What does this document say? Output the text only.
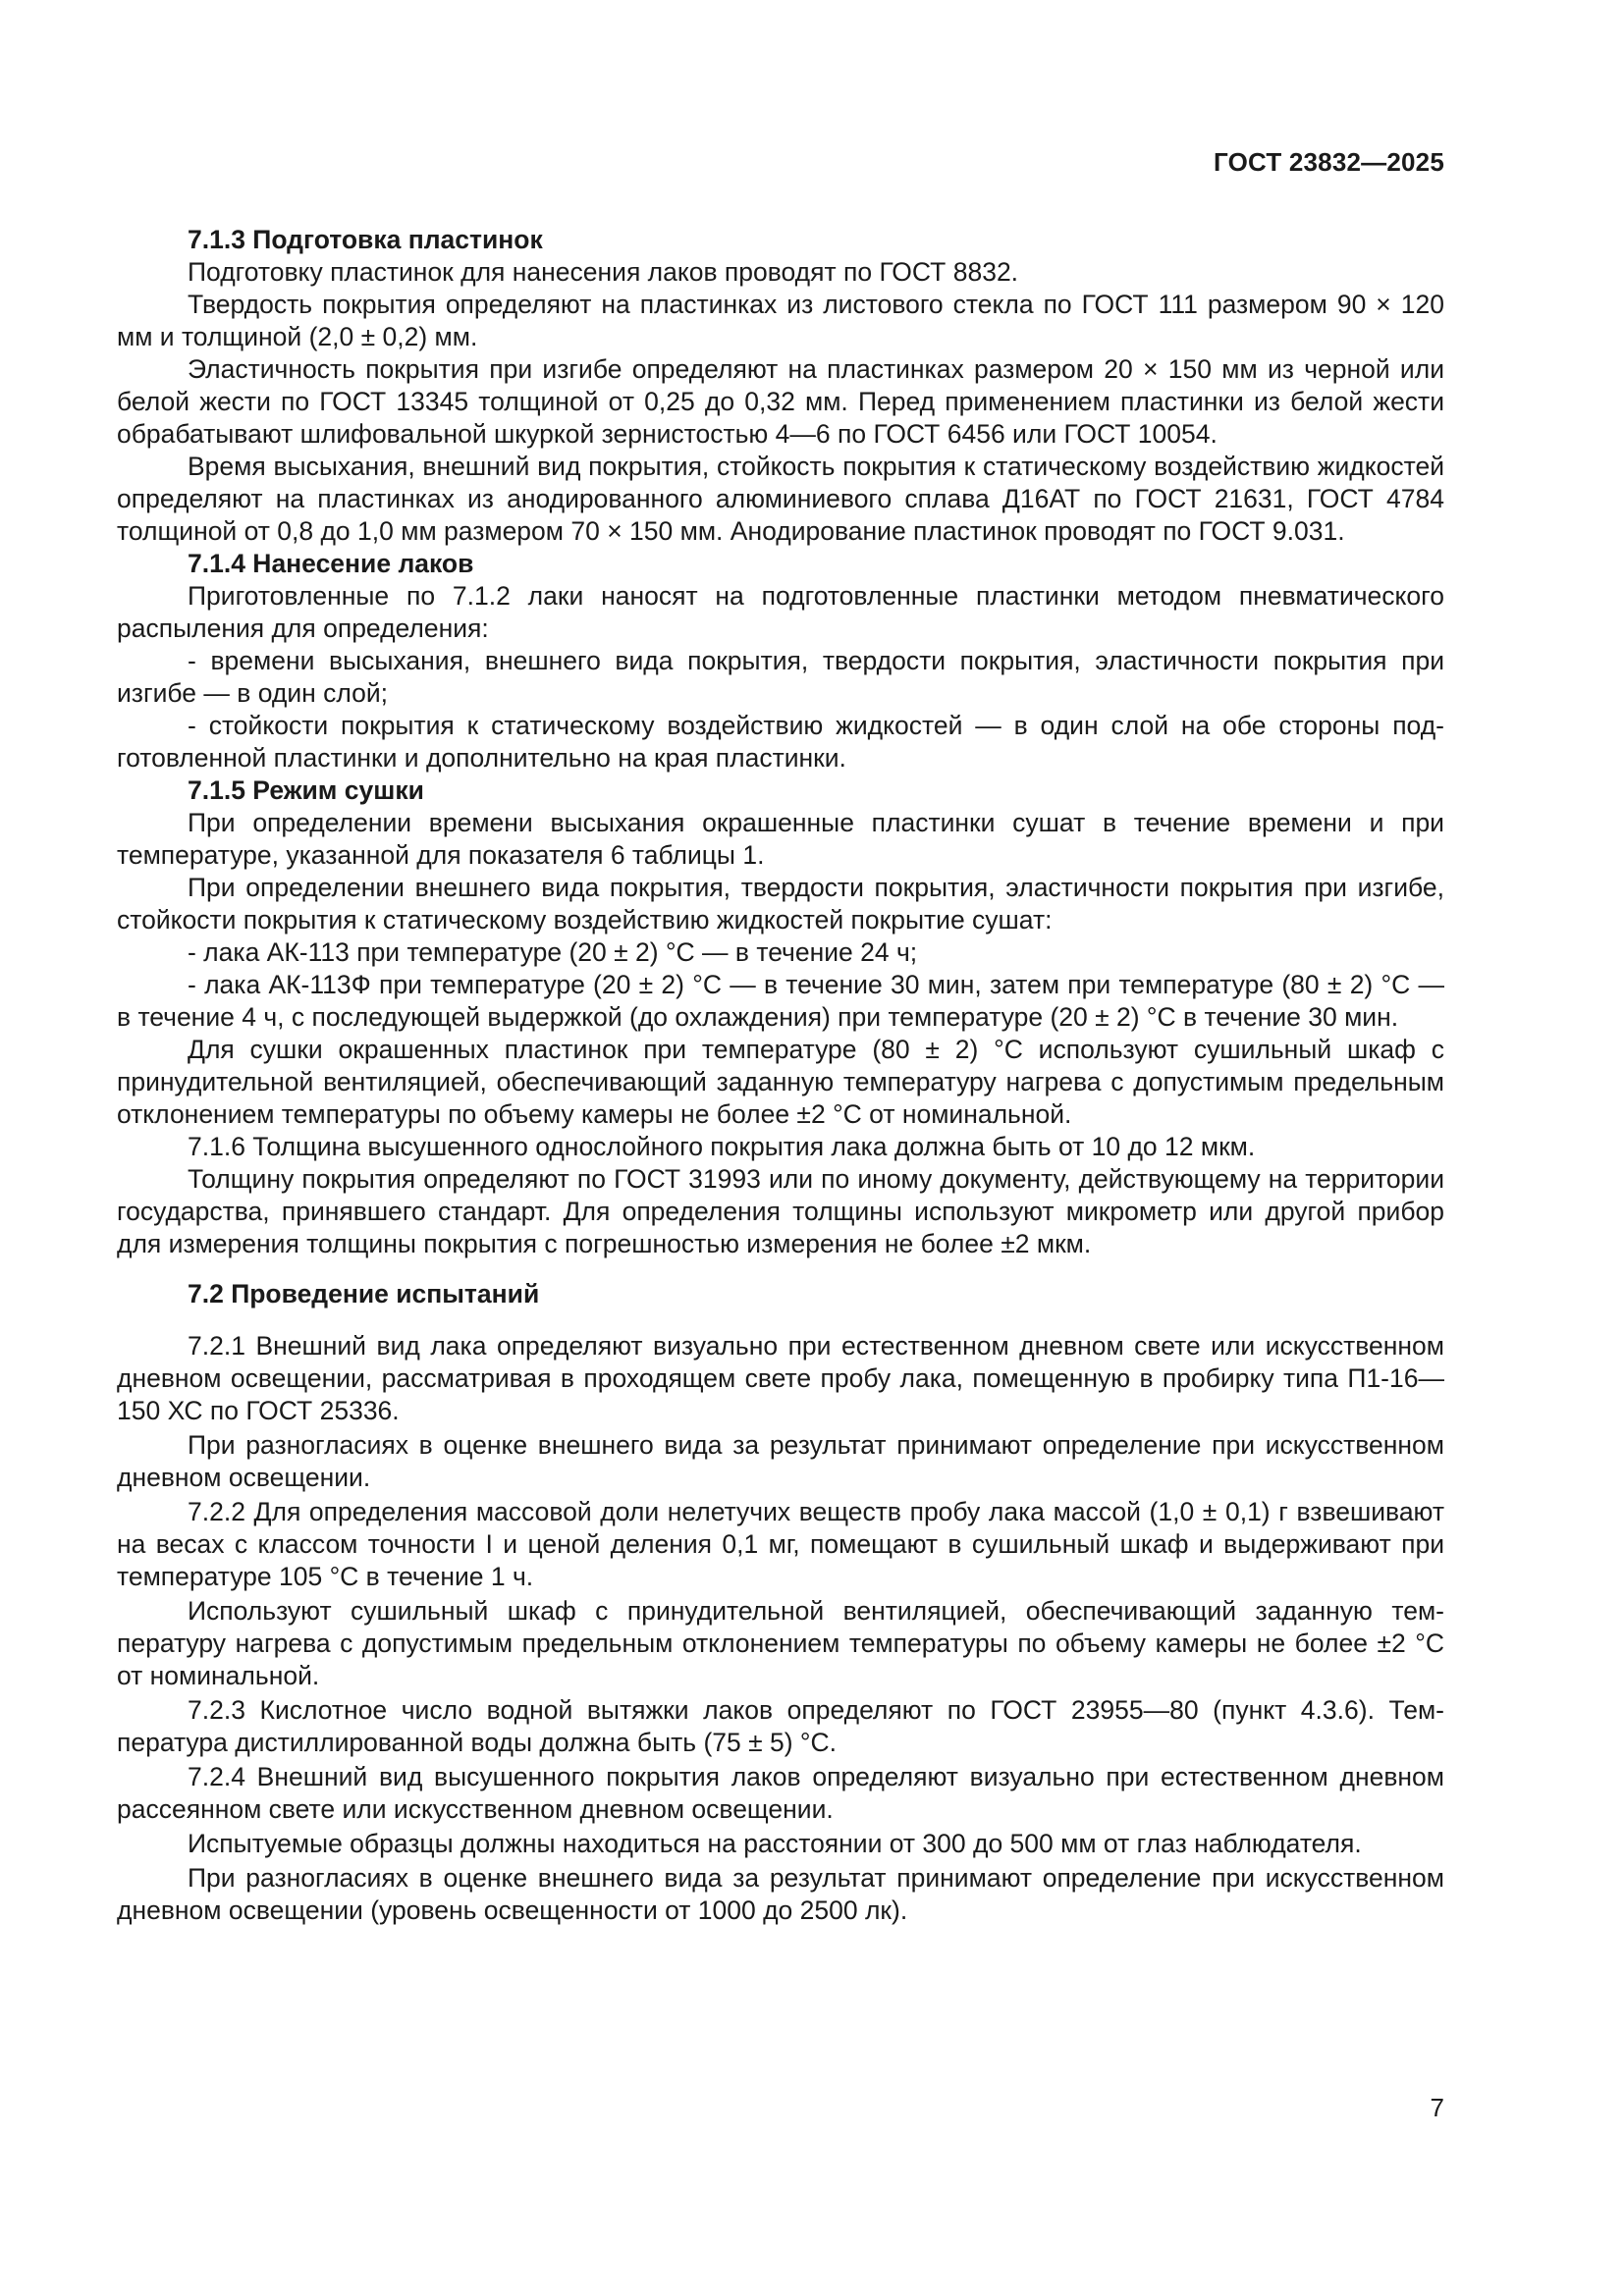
ГОСТ 23832—2025

7.1.3 Подготовка пластинок

Подготовку пластинок для нанесения лаков проводят по ГОСТ 8832.

Твердость покрытия определяют на пластинках из листового стекла по ГОСТ 111 размером 90 × 120 мм и толщиной (2,0 ± 0,2) мм.

Эластичность покрытия при изгибе определяют на пластинках размером 20 × 150 мм из черной или белой жести по ГОСТ 13345 толщиной от 0,25 до 0,32 мм. Перед применением пластинки из белой жести обрабатывают шлифовальной шкуркой зернистостью 4—6 по ГОСТ 6456 или ГОСТ 10054.

Время высыхания, внешний вид покрытия, стойкость покрытия к статическому воздействию жидкостей определяют на пластинках из анодированного алюминиевого сплава Д16АТ по ГОСТ 21631, ГОСТ 4784 толщиной от 0,8 до 1,0 мм размером 70 × 150 мм. Анодирование пластинок проводят по ГОСТ 9.031.

7.1.4 Нанесение лаков

Приготовленные по 7.1.2 лаки наносят на подготовленные пластинки методом пневматического распыления для определения:

- времени высыхания, внешнего вида покрытия, твердости покрытия, эластичности покрытия при изгибе — в один слой;

- стойкости покрытия к статическому воздействию жидкостей — в один слой на обе стороны подготовленной пластинки и дополнительно на края пластинки.

7.1.5 Режим сушки

При определении времени высыхания окрашенные пластинки сушат в течение времени и при температуре, указанной для показателя 6 таблицы 1.

При определении внешнего вида покрытия, твердости покрытия, эластичности покрытия при изгибе, стойкости покрытия к статическому воздействию жидкостей покрытие сушат:

- лака АК-113 при температуре (20 ± 2) °С — в течение 24 ч;

- лака АК-113Ф при температуре (20 ± 2) °С — в течение 30 мин, затем при температуре (80 ± 2) °С — в течение 4 ч, с последующей выдержкой (до охлаждения) при температуре (20 ± 2) °С в течение 30 мин.

Для сушки окрашенных пластинок при температуре (80 ± 2) °С используют сушильный шкаф с принудительной вентиляцией, обеспечивающий заданную температуру нагрева с допустимым предельным отклонением температуры по объему камеры не более ±2 °С от номинальной.

7.1.6 Толщина высушенного однослойного покрытия лака должна быть от 10 до 12 мкм.

Толщину покрытия определяют по ГОСТ 31993 или по иному документу, действующему на территории государства, принявшего стандарт. Для определения толщины используют микрометр или другой прибор для измерения толщины покрытия с погрешностью измерения не более ±2 мкм.

7.2 Проведение испытаний

7.2.1 Внешний вид лака определяют визуально при естественном дневном свете или искусственном дневном освещении, рассматривая в проходящем свете пробу лака, помещенную в пробирку типа П1-16—150 ХС по ГОСТ 25336.

При разногласиях в оценке внешнего вида за результат принимают определение при искусственном дневном освещении.

7.2.2 Для определения массовой доли нелетучих веществ пробу лака массой (1,0 ± 0,1) г взвешивают на весах с классом точности I и ценой деления 0,1 мг, помещают в сушильный шкаф и выдерживают при температуре 105 °С в течение 1 ч.

Используют сушильный шкаф с принудительной вентиляцией, обеспечивающий заданную температуру нагрева с допустимым предельным отклонением температуры по объему камеры не более ±2 °С от номинальной.

7.2.3 Кислотное число водной вытяжки лаков определяют по ГОСТ 23955—80 (пункт 4.3.6). Температура дистиллированной воды должна быть (75 ± 5) °С.

7.2.4 Внешний вид высушенного покрытия лаков определяют визуально при естественном дневном рассеянном свете или искусственном дневном освещении.

Испытуемые образцы должны находиться на расстоянии от 300 до 500 мм от глаз наблюдателя.

При разногласиях в оценке внешнего вида за результат принимают определение при искусственном дневном освещении (уровень освещенности от 1000 до 2500 лк).

7
